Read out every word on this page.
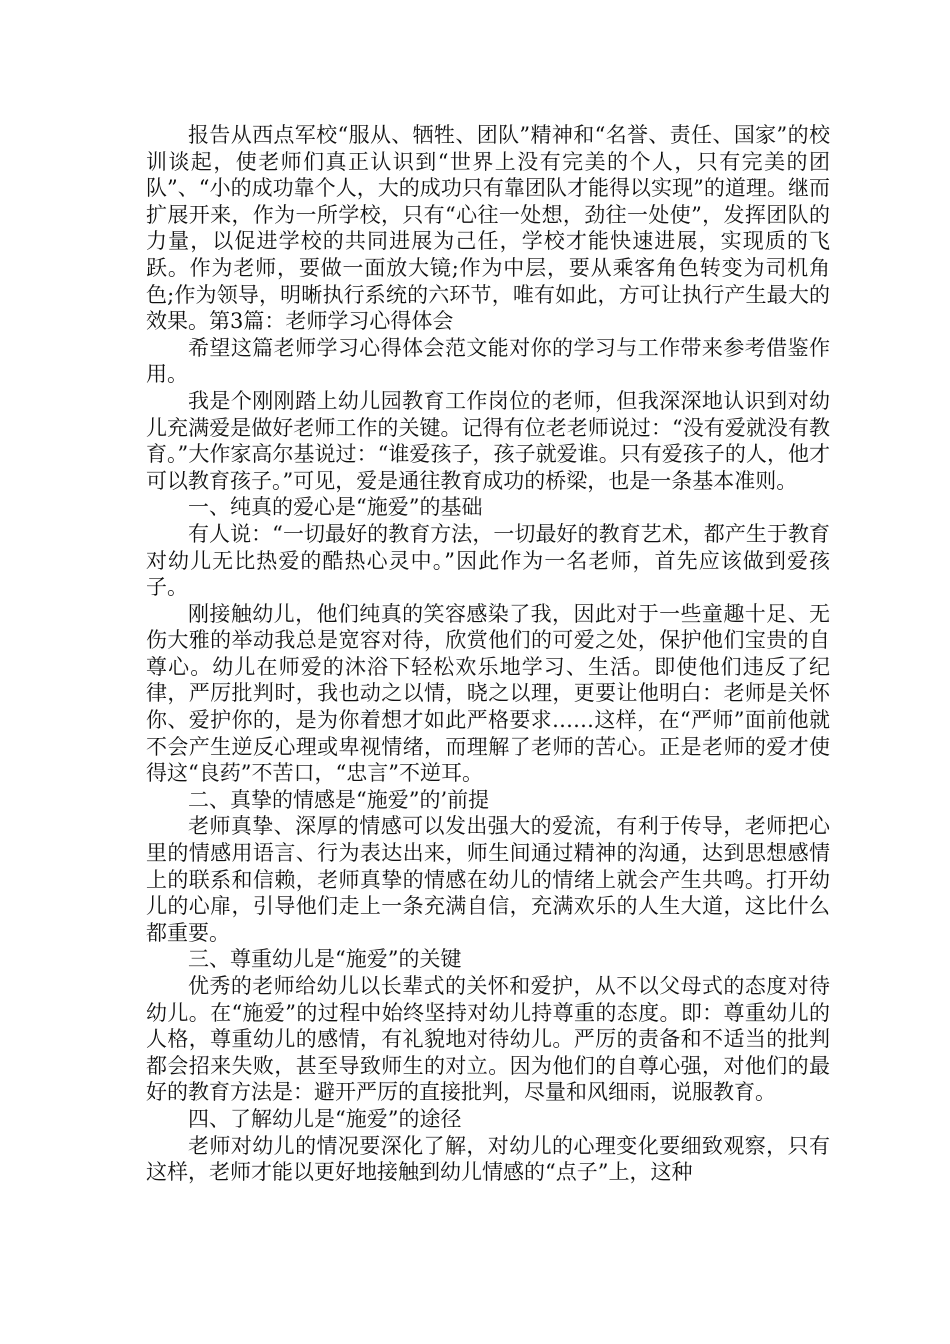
报告从西点军校“服从、牺牲、团队”精神和“名誉、责任、国家”的校训谈起，使老师们真正认识到“世界上没有完美的个人，只有完美的团队”、“小的成功靠个人，大的成功只有靠团队才能得以实现”的道理。继而扩展开来，作为一所学校，只有“心往一处想，劲往一处使”，发挥团队的力量，以促进学校的共同进展为己任，学校才能快速进展，实现质的飞跃。作为老师，要做一面放大镜;作为中层，要从乘客角色转变为司机角色;作为领导，明晰执行系统的六环节，唯有如此，方可让执行产生最大的效果。第3篇：老师学习心得体会

希望这篇老师学习心得体会范文能对你的学习与工作带来参考借鉴作用。

我是个刚刚踏上幼儿园教育工作岗位的老师，但我深深地认识到对幼儿充满爱是做好老师工作的关键。记得有位老老师说过：“没有爱就没有教育。”大作家高尔基说过：“谁爱孩子，孩子就爱谁。只有爱孩子的人，他才可以教育孩子。”可见，爱是通往教育成功的桥梁，也是一条基本准则。

一、纯真的爱心是“施爱”的基础

有人说：“一切最好的教育方法，一切最好的教育艺术，都产生于教育对幼儿无比热爱的酷热心灵中。”因此作为一名老师，首先应该做到爱孩子。

刚接触幼儿，他们纯真的笑容感染了我，因此对于一些童趣十足、无伤大雅的举动我总是宽容对待，欣赏他们的可爱之处，保护他们宝贵的自尊心。幼儿在师爱的沐浴下轻松欢乐地学习、生活。即使他们违反了纪律，严厉批判时，我也动之以情，晓之以理，更要让他明白：老师是关怀你、爱护你的，是为你着想才如此严格要求……这样，在“严师”面前他就不会产生逆反心理或卑视情绪，而理解了老师的苦心。正是老师的爱才使得这“良药”不苦口，“忠言”不逆耳。

二、真挚的情感是“施爱”的’前提

老师真挚、深厚的情感可以发出强大的爱流，有利于传导，老师把心里的情感用语言、行为表达出来，师生间通过精神的沟通，达到思想感情上的联系和信赖，老师真挚的情感在幼儿的情绪上就会产生共鸣。打开幼儿的心扉，引导他们走上一条充满自信，充满欢乐的人生大道，这比什么都重要。

三、尊重幼儿是“施爱”的关键

优秀的老师给幼儿以长辈式的关怀和爱护，从不以父母式的态度对待幼儿。在“施爱”的过程中始终坚持对幼儿持尊重的态度。即：尊重幼儿的人格，尊重幼儿的感情，有礼貌地对待幼儿。严厉的责备和不适当的批判都会招来失败，甚至导致师生的对立。因为他们的自尊心强，对他们的最好的教育方法是：避开严厉的直接批判，尽量和风细雨，说服教育。

四、了解幼儿是“施爱”的途径

老师对幼儿的情况要深化了解，对幼儿的心理变化要细致观察，只有这样，老师才能以更好地接触到幼儿情感的“点子”上，这种
